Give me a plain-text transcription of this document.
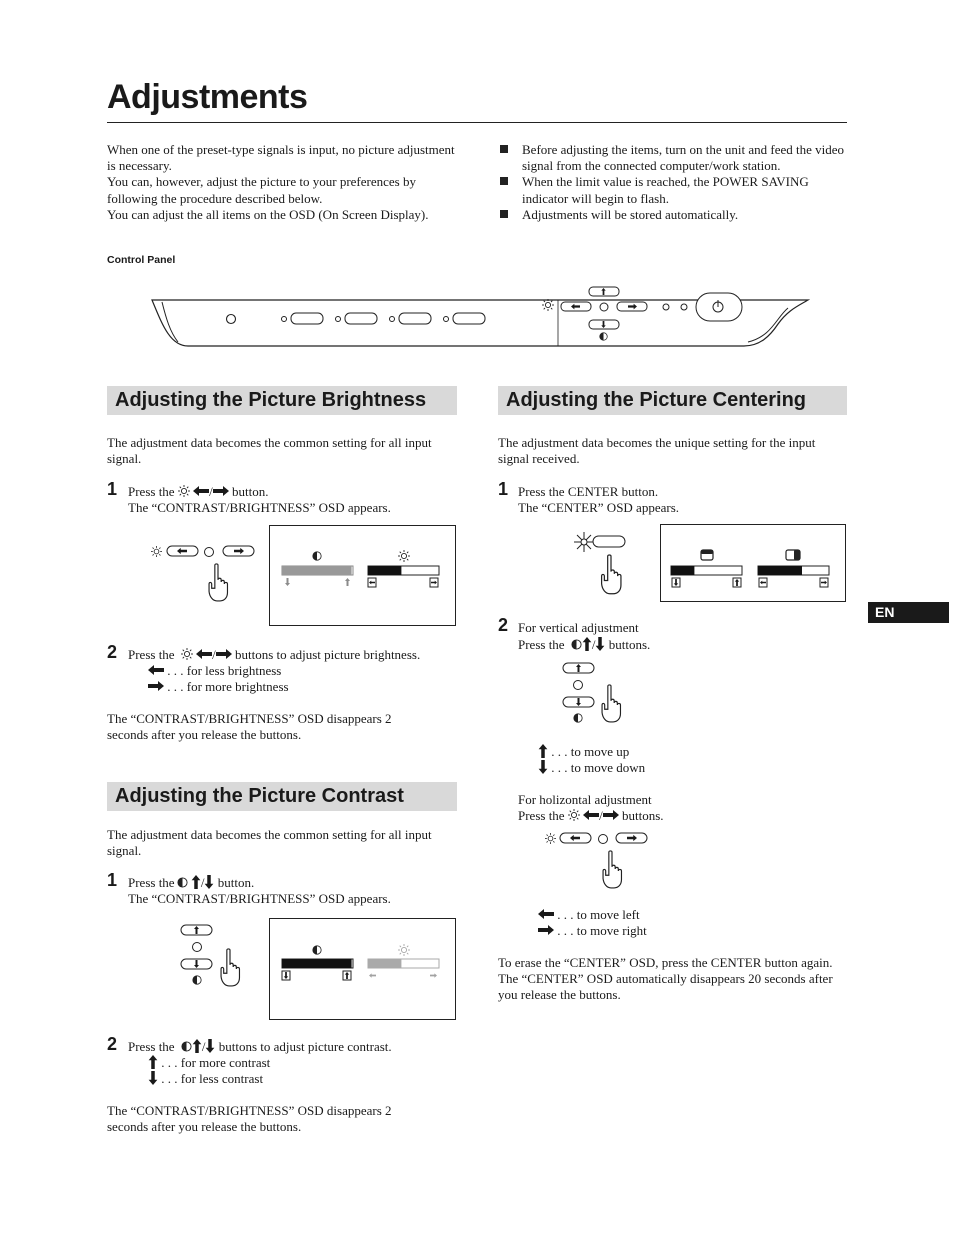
Adjustments

When one of the preset-type signals is input, no picture adjustment is necessary.

You can, however, adjust the picture to your preferences by following the procedure described below.

You can adjust the all items on the OSD (On Screen Display).

Before adjusting the items, turn on the unit and feed the video signal from the connected computer/work station.

When the limit value is reached, the POWER SAVING indicator will begin to flash.

Adjustments will be stored automatically.

Control Panel
Adjusting the Picture Brightness

The adjustment data becomes the common setting for all input signal.

1 Press the	/ button.

The “CONTRAST/BRIGHTNESS” OSD appears.

2 Press the	/ buttons to adjust picture brightness.
. . . for less brightness
. . . for more brightness

The “CONTRAST/BRIGHTNESS” OSD disappears 2 seconds after you release the buttons.

Adjusting the Picture Contrast

The adjustment data becomes the common setting for all input signal.

1 Press the / button.

The “CONTRAST/BRIGHTNESS” OSD appears.

2 Press the / buttons to adjust picture contrast.
. . . for more contrast
. . . for less contrast

The “CONTRAST/BRIGHTNESS” OSD disappears 2 seconds after you release the buttons.

Adjusting the Picture Centering

The adjustment data becomes the unique setting for the input signal received.

1 Press the CENTER button.

The “CENTER” OSD appears.

2 For vertical adjustment

Press the / buttons.
. . . to move up
. . . to move down

For holizontal adjustment

Press the	/ buttons.
. . . to move left
. . . to move right

To erase the “CENTER” OSD, press the CENTER button again.

The “CENTER” OSD automatically disappears 20 seconds after you release the buttons.

EN
